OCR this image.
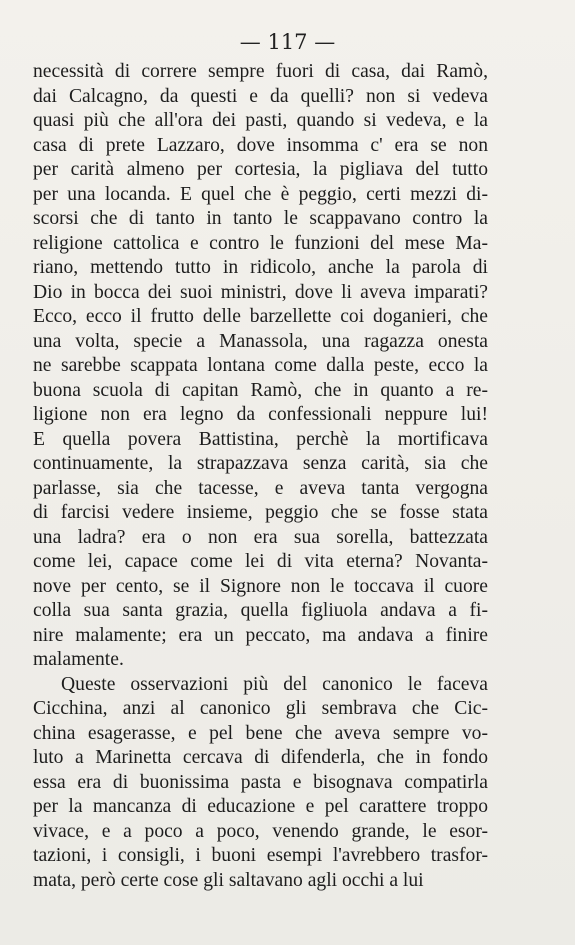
— 117 —
necessità di correre sempre fuori di casa, dai Ramò,
dai Calcagno, da questi e da quelli? non si vedeva
quasi più che all'ora dei pasti, quando si vedeva, e la
casa di prete Lazzaro, dove insomma c' era se non
per carità almeno per cortesia, la pigliava del tutto
per una locanda. E quel che è peggio, certi mezzi di-
scorsi che di tanto in tanto le scappavano contro la
religione cattolica e contro le funzioni del mese Ma-
riano, mettendo tutto in ridicolo, anche la parola di
Dio in bocca dei suoi ministri, dove li aveva imparati?
Ecco, ecco il frutto delle barzellette coi doganieri, che
una volta, specie a Manassola, una ragazza onesta
ne sarebbe scappata lontana come dalla peste, ecco la
buona scuola di capitan Ramò, che in quanto a re-
ligione non era legno da confessionali neppure lui!
E quella povera Battistina, perchè la mortificava
continuamente, la strapazzava senza carità, sia che
parlasse, sia che tacesse, e aveva tanta vergogna
di farcisi vedere insieme, peggio che se fosse stata
una ladra? era o non era sua sorella, battezzata
come lei, capace come lei di vita eterna? Novanta-
nove per cento, se il Signore non le toccava il cuore
colla sua santa grazia, quella figliuola andava a fi-
nire malamente; era un peccato, ma andava a finire
malamente.
Queste osservazioni più del canonico le faceva
Cicchina, anzi al canonico gli sembrava che Cic-
china esagerasse, e pel bene che aveva sempre vo-
luto a Marinetta cercava di difenderla, che in fondo
essa era di buonissima pasta e bisognava compatirla
per la mancanza di educazione e pel carattere troppo
vivace, e a poco a poco, venendo grande, le esor-
tazioni, i consigli, i buoni esempi l'avrebbero trasfor-
mata, però certe cose gli saltavano agli occhi a lui
